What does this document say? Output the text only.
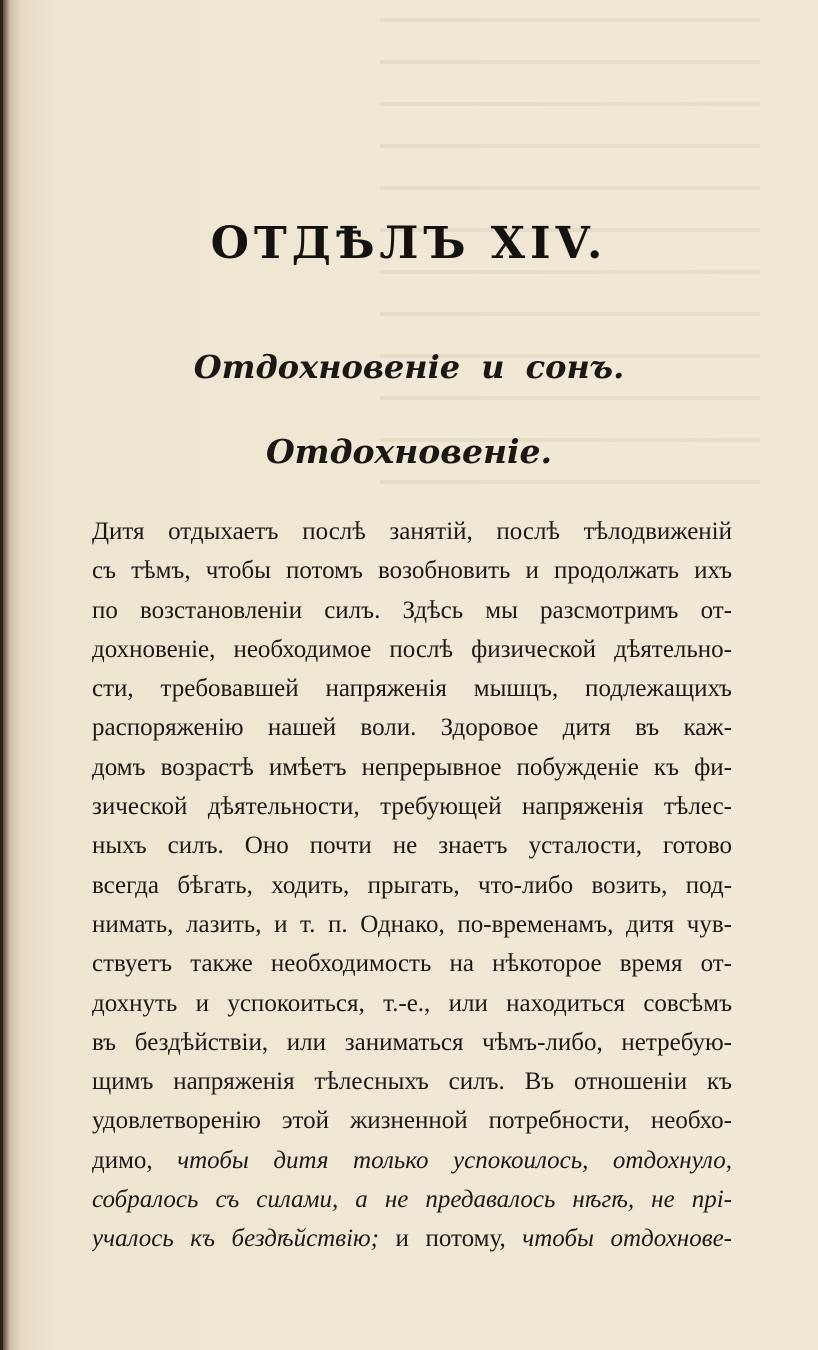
ОТДѢЛЪ XIV.
Отдохновеніе и сонъ.
Отдохновеніе.
Дитя отдыхаетъ послѣ занятій, послѣ тѣлодвиженій
съ тѣмъ, чтобы потомъ возобновить и продолжать ихъ
по возстановленіи силъ. Здѣсь мы разсмотримъ от-
дохновеніе, необходимое послѣ физической дѣятельно-
сти, требовавшей напряженія мышцъ, подлежащихъ
распоряженію нашей воли. Здоровое дитя въ каж-
домъ возрастѣ имѣетъ непрерывное побужденіе къ фи-
зической дѣятельности, требующей напряженія тѣлес-
ныхъ силъ. Оно почти не знаетъ усталости, готово
всегда бѣгать, ходить, прыгать, что-либо возить, под-
нимать, лазить, и т. п. Однако, по-временамъ, дитя чув-
ствуетъ также необходимость на нѣкоторое время от-
дохнуть и успокоиться, т.-е., или находиться совсѣмъ
въ бездѣйствіи, или заниматься чѣмъ-либо, нетребую-
щимъ напряженія тѣлесныхъ силъ. Въ отношеніи къ
удовлетворенію этой жизненной потребности, необхо-
димо, чтобы дитя только успокоилось, отдохнуло,
собралось съ силами, а не предавалось нѣгѣ, не прі-
учалось къ бездѣйствію; и потому, чтобы отдохнове-
